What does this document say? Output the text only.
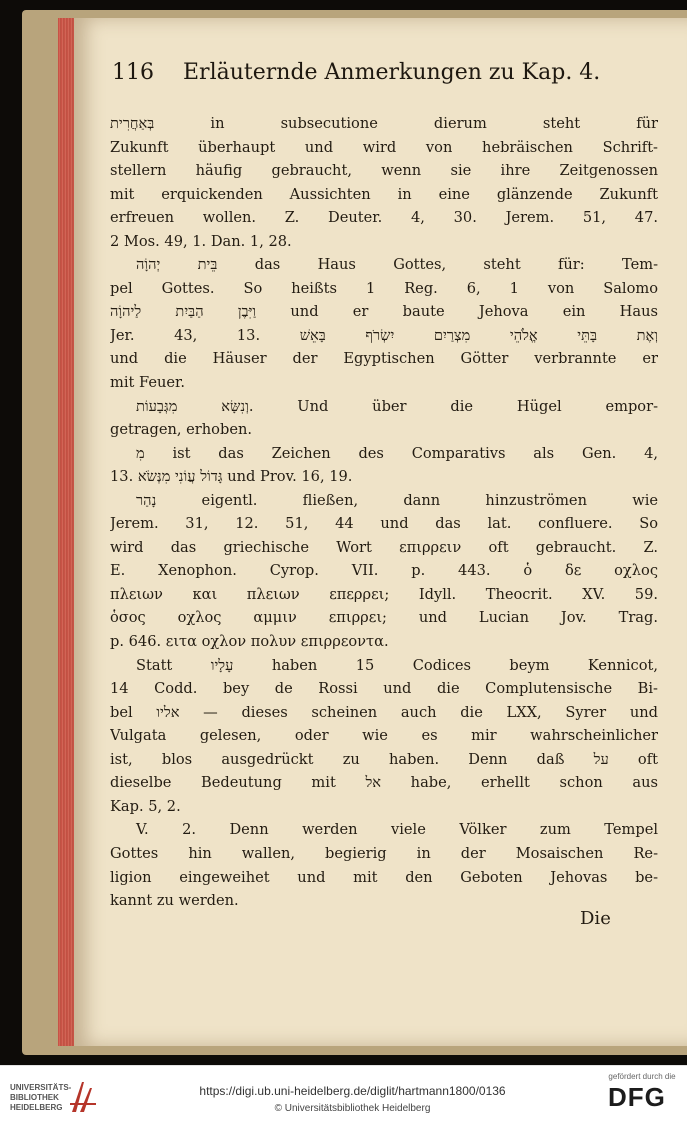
116 Erläuternde Anmerkungen zu Kap. 4.
בְּאַחֲרִית in subsecutione dierum steht für
Zukunft überhaupt und wird von hebräischen Schrift-
stellern häufig gebraucht, wenn sie ihre Zeitgenossen
mit erquickenden Aussichten in eine glänzende Zukunft
erfreuen wollen. Z. Deuter. 4, 30. Jerem. 51, 47.
2 Mos. 49, 1. Dan. 1, 28.
בֵּית יְהוָֹה das Haus Gottes, steht für: Tem-
pel Gottes. So heißts 1 Reg. 6, 1 von Salomo
וַיִּבֶן הַבַּיִת לַיהוָֹה und er baute Jehova ein Haus
Jer. 43, 13. וְאֶת בָּתֵּי אֱלֹהֵי מִצְרַיִם יִשְׂרֹף בָּאֵשׁ
und die Häuser der Egyptischen Götter verbrannte er
mit Feuer.
וְנִשָּׂא מִגְּבָעוֹת. Und über die Hügel empor-
getragen, erhoben.
מִ ist das Zeichen des Comparativs als Gen. 4,
13. גָּדוֹל עֲוֹנִי מִנְּשֹׂא und Prov. 16, 19.
נָהַר eigentl. fließen, dann hinzuströmen wie
Jerem. 31, 12. 51, 44 und das lat. confluere. So
wird das griechische Wort επιρρειν oft gebraucht. Z.
E. Xenophon. Cyrop. VII. p. 443. ὁ δε οχλος
πλειων και πλειων επερρει; Idyll. Theocrit. XV. 59.
ὁσος οχλος αμμιν επιρρει; und Lucian Jov. Trag.
p. 646. ειτα οχλον πολυν επιρρεοντα.
Statt עָלָיו haben 15 Codices beym Kennicot,
14 Codd. bey de Rossi und die Complutensische Bi-
bel אליו — dieses scheinen auch die LXX, Syrer und
Vulgata gelesen, oder wie es mir wahrscheinlicher
ist, blos ausgedrückt zu haben. Denn daß על oft
dieselbe Bedeutung mit אל habe, erhellt schon aus
Kap. 5, 2.
V. 2. Denn werden viele Völker zum Tempel
Gottes hin wallen, begierig in der Mosaischen Re-
ligion eingeweihet und mit den Geboten Jehovas be-
kannt zu werden.
Die
UNIVERSITÄTS-
BIBLIOTHEK
HEIDELBERG
https://digi.ub.uni-heidelberg.de/diglit/hartmann1800/0136
© Universitätsbibliothek Heidelberg
gefördert durch die
DFG
